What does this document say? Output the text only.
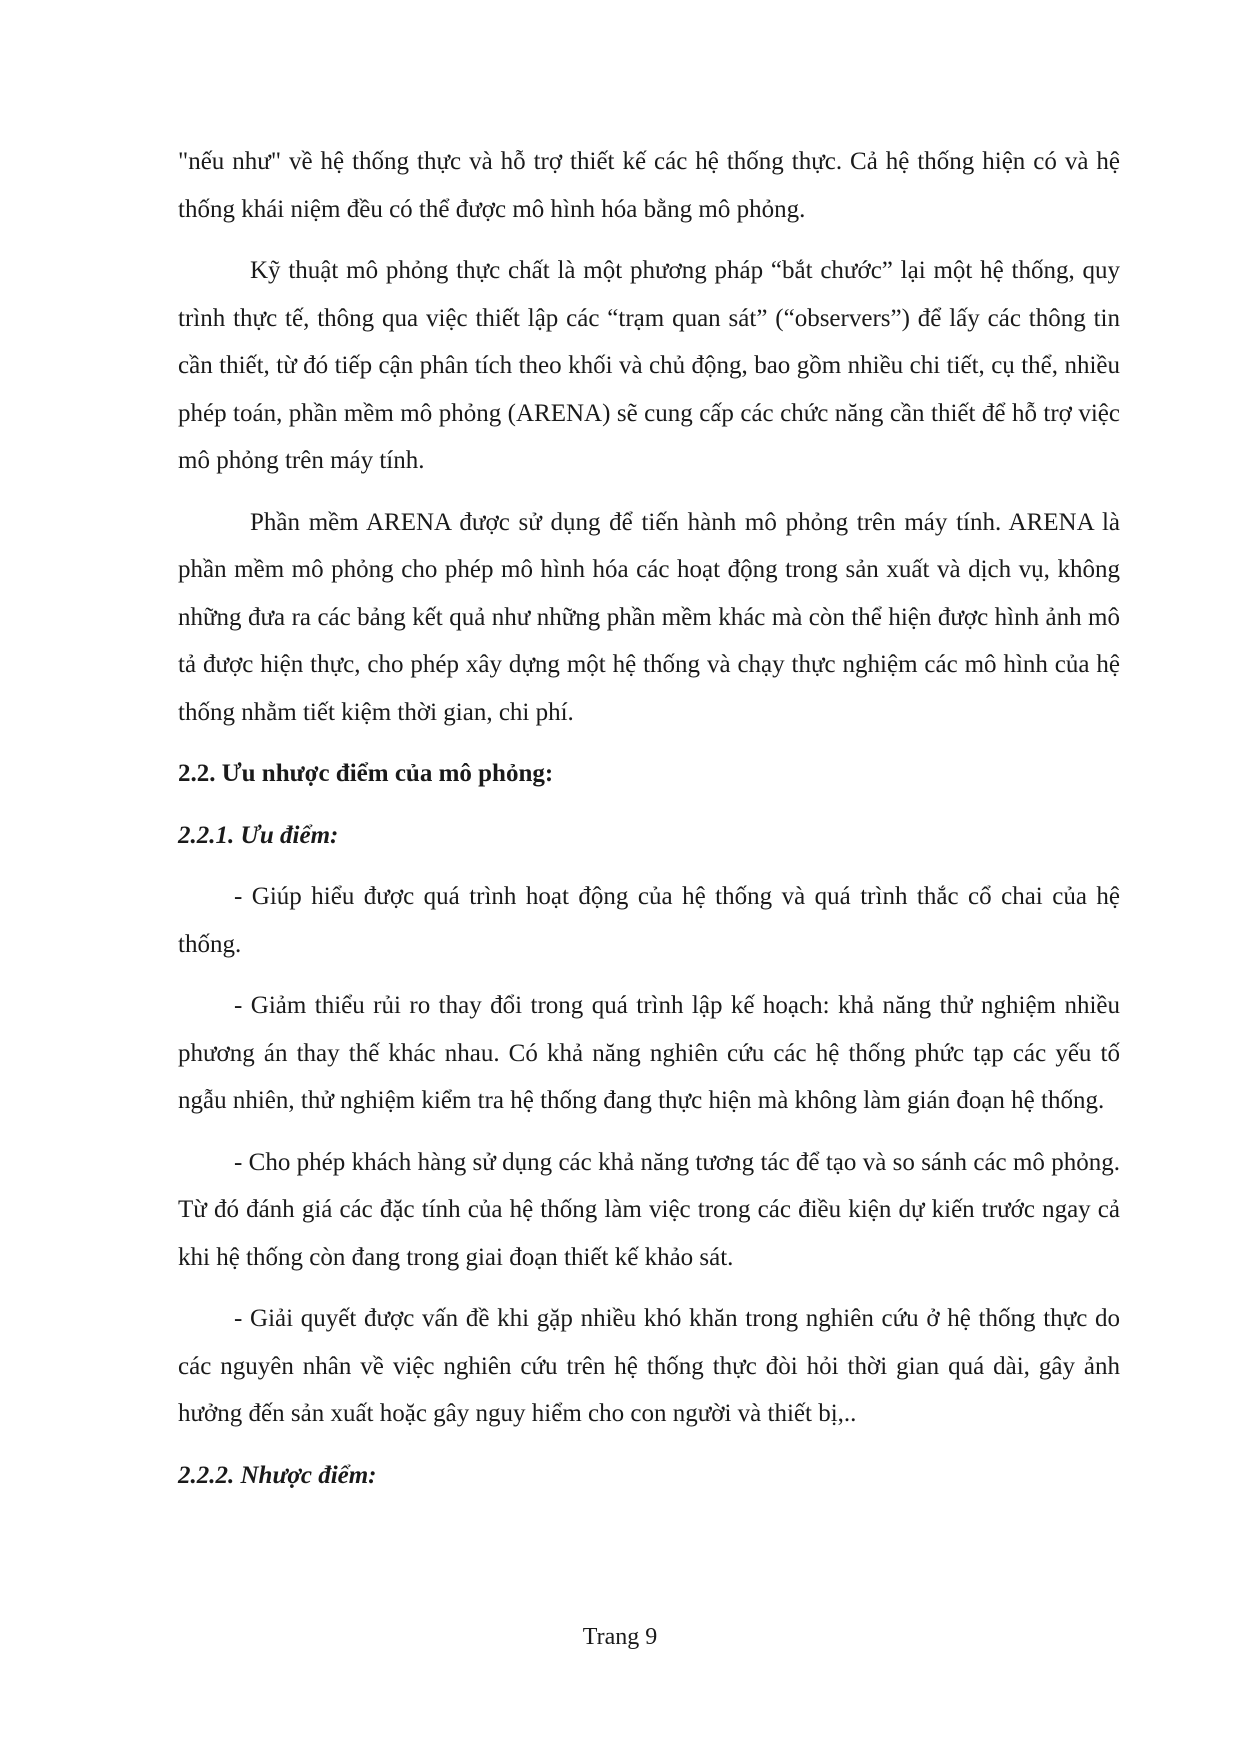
"nếu như" về hệ thống thực và hỗ trợ thiết kế các hệ thống thực. Cả hệ thống hiện có và hệ thống khái niệm đều có thể được mô hình hóa bằng mô phỏng.

Kỹ thuật mô phỏng thực chất là một phương pháp “bắt chước” lại một hệ thống, quy trình thực tế, thông qua việc thiết lập các “trạm quan sát” (“observers”) để lấy các thông tin cần thiết, từ đó tiếp cận phân tích theo khối và chủ động, bao gồm nhiều chi tiết, cụ thể, nhiều phép toán, phần mềm mô phỏng (ARENA) sẽ cung cấp các chức năng cần thiết để hỗ trợ việc mô phỏng trên máy tính.

Phần mềm ARENA được sử dụng để tiến hành mô phỏng trên máy tính. ARENA là phần mềm mô phỏng cho phép mô hình hóa các hoạt động trong sản xuất và dịch vụ, không những đưa ra các bảng kết quả như những phần mềm khác mà còn thể hiện được hình ảnh mô tả được hiện thực, cho phép xây dựng một hệ thống và chạy thực nghiệm các mô hình của hệ thống nhằm tiết kiệm thời gian, chi phí.

2.2. Ưu nhược điểm của mô phỏng:

2.2.1. Ưu điểm:

- Giúp hiểu được quá trình hoạt động của hệ thống và quá trình thắc cổ chai của hệ thống.

- Giảm thiểu rủi ro thay đổi trong quá trình lập kế hoạch: khả năng thử nghiệm nhiều phương án thay thế khác nhau. Có khả năng nghiên cứu các hệ thống phức tạp các yếu tố ngẫu nhiên, thử nghiệm kiểm tra hệ thống đang thực hiện mà không làm gián đoạn hệ thống.

- Cho phép khách hàng sử dụng các khả năng tương tác để tạo và so sánh các mô phỏng. Từ đó đánh giá các đặc tính của hệ thống làm việc trong các điều kiện dự kiến trước ngay cả khi hệ thống còn đang trong giai đoạn thiết kế khảo sát.

- Giải quyết được vấn đề khi gặp nhiều khó khăn trong nghiên cứu ở hệ thống thực do các nguyên nhân về việc nghiên cứu trên hệ thống thực đòi hỏi thời gian quá dài, gây ảnh hưởng đến sản xuất hoặc gây nguy hiểm cho con người và thiết bị,..

2.2.2. Nhược điểm:

Trang 9
